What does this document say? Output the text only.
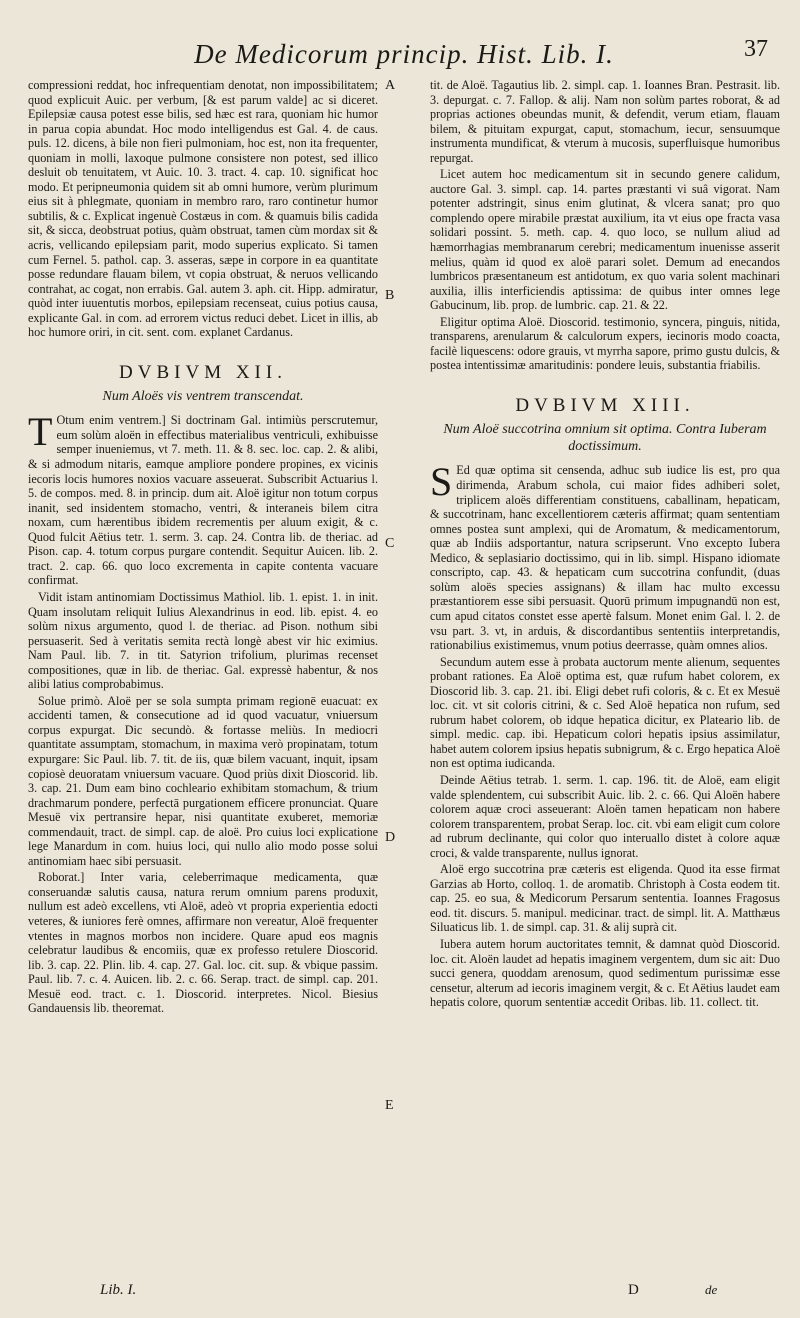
De Medicorum princip. Hist. Lib. I.	37
A
B
C
D
E

compressioni reddat, hoc infrequentiam denotat, non impossibilitatem; quod explicuit Auic. per verbum, [& est parum valde] ac si diceret. Epilepsiæ causa potest esse bilis, sed hæc est rara, quoniam hic humor in parua copia abundat. Hoc modo intelligendus est Gal. 4. de caus. puls. 12. dicens, à bile non fieri pulmoniam, hoc est, non ita frequenter, quoniam in molli, laxoque pulmone consistere non potest, sed illico desluit ob tenuitatem, vt Auic. 10. 3. tract. 4. cap. 10. significat hoc modo. Et peripneumonia quidem sit ab omni humore, verùm plurimum eius sit à phlegmate, quoniam in membro raro, raro continetur humor subtilis, & c. Explicat ingenuè Costæus in com. & quamuis bilis cadida sit, & sicca, deobstruat potius, quàm obstruat, tamen cùm mordax sit & acris, vellicando epilepsiam parit, modo superius explicato. Si tamen cum Fernel. 5. pathol. cap. 3. asseras, sæpe in corpore in ea quantitate posse redundare flauam bilem, vt copia obstruat, & neruos vellicando contrahat, ac cogat, non errabis. Gal. autem 3. aph. cit. Hipp. admiratur, quòd inter iuuentutis morbos, epilepsiam recenseat, cuius potius causa, explicante Gal. in com. ad errorem victus reduci debet. Licet in illis, ab hoc humore oriri, in cit. sent. com. explanet Cardanus.

DVBIVM XII.
Num Aloës vis ventrem transcendat.

T Otum enim ventrem.] Si doctrinam Gal. intimiùs perscrutemur, eum solùm aloën in effectibus materialibus ventriculi, exhibuisse semper inueniemus, vt 7. meth. 11. & 8. sec. loc. cap. 2. & alibi, & si admodum nitaris, eamque ampliore pondere propines, ex vicinis iecoris locis humores noxios vacuare asseuerat. Subscribit Actuarius l. 5. de compos. med. 8. in princip. dum ait. Aloë igitur non totum corpus inanit, sed insidentem stomacho, ventri, & interaneis bilem citra noxam, cum hærentibus ibidem recrementis per aluum exigit, & c. Quod fulcit Aëtius tetr. 1. serm. 3. cap. 24. Contra lib. de theriac. ad Pison. cap. 4. totum corpus purgare contendit. Sequitur Auicen. lib. 2. tract. 2. cap. 66. quo loco excrementa in capite contenta vacuare confirmat.

Vidit istam antinomiam Doctissimus Mathiol. lib. 1. epist. 1. in init. Quam insolutam reliquit Iulius Alexandrinus in eod. lib. epist. 4. eo solùm nixus argumento, quod l. de theriac. ad Pison. nothum sibi persuaserit. Sed à veritatis semita rectà longè abest vir hic eximius. Nam Paul. lib. 7. in tit. Satyrion trifolium, plurimas recenset compositiones, quæ in lib. de theriac. Gal. expressè habentur, & nos alibi latius comprobabimus.

Solue primò. Aloë per se sola sumpta primam regionē euacuat: ex accidenti tamen, & consecutione ad id quod vacuatur, vniuersum corpus expurgat. Dic secundò. & fortasse meliùs. In mediocri quantitate assumptam, stomachum, in maxima verò propinatam, totum expurgare: Sic Paul. lib. 7. tit. de iis, quæ bilem vacuant, inquit, ipsam copiosè deuoratam vniuersum vacuare. Quod priùs dixit Dioscorid. lib. 3. cap. 21. Dum eam bino cochleario exhibitam stomachum, & trium drachmarum pondere, perfectā purgationem efficere pronunciat. Quare Mesuë vix pertransire hepar, nisi quantitate exuberet, memoriæ commendauit, tract. de simpl. cap. de aloë. Pro cuius loci explicatione lege Manardum in com. huius loci, qui nullo alio modo posse solui antinomiam haec sibi persuasit.

Roborat.] Inter varia, celeberrimaque medicamenta, quæ conseruandæ salutis causa, natura rerum omnium parens produxit, nullum est adeò excellens, vti Aloë, adeò vt propria experientia edocti veteres, & iuniores ferè omnes, affirmare non vereatur, Aloë frequenter vtentes in magnos morbos non incidere. Quare apud eos magnis celebratur laudibus & encomiis, quæ ex professo retulere Dioscorid. lib. 3. cap. 22. Plin. lib. 4. cap. 27. Gal. loc. cit. sup. & vbique passim. Paul. lib. 7. c. 4. Auicen. lib. 2. c. 66. Serap. tract. de simpl. cap. 201. Mesuë eod. tract. c. 1. Dioscorid. interpretes. Nicol. Biesius Gandauensis lib. theoremat.

tit. de Aloë. Tagautius lib. 2. simpl. cap. 1. Ioannes Bran. Pestrasit. lib. 3. depurgat. c. 7. Fallop. & alij. Nam non solùm partes roborat, & ad proprias actiones obeundas munit, & defendit, verum etiam, flauam bilem, & pituitam expurgat, caput, stomachum, iecur, sensuumque instrumenta mundificat, & vterum à mucosis, superfluisque humoribus repurgat.

Licet autem hoc medicamentum sit in secundo genere calidum, auctore Gal. 3. simpl. cap. 14. partes præstanti vi suâ vigorat. Nam potenter adstringit, sinus enim glutinat, & vlcera sanat; pro quo complendo opere mirabile præstat auxilium, ita vt eius ope fracta vasa solidari possint. 5. meth. cap. 4. quo loco, se nullum aliud ad hæmorrhagias membranarum cerebri; medicamentum inuenisse asserit melius, quàm id quod ex aloë parari solet. Demum ad enecandos lumbricos præsentaneum est antidotum, ex quo varia solent machinari auxilia, illis interficiendis aptissima: de quibus inter omnes lege Gabucinum, lib. prop. de lumbric. cap. 21. & 22.

Eligitur optima Aloë. Dioscorid. testimonio, syncera, pinguis, nitida, transparens, arenularum & calculorum expers, iecinoris modo coacta, facilè liquescens: odore grauis, vt myrrha sapore, primo gustu dulcis, & postea intentissimæ amaritudinis: pondere leuis, substantia friabilis.

DVBIVM XIII.
Num Aloë succotrina omnium sit optima. Contra Iuberam doctissimum.

S Ed quæ optima sit censenda, adhuc sub iudice lis est, pro qua dirimenda, Arabum schola, cui maior fides adhiberi solet, triplicem aloës differentiam constituens, caballinam, hepaticam, & succotrinam, hanc excellentiorem cæteris affirmat; quam sententiam omnes postea sunt amplexi, qui de Aromatum, & medicamentorum, quæ ab Indiis adsportantur, natura scripserunt. Vno excepto Iubera Medico, & seplasiario doctissimo, qui in lib. simpl. Hispano idiomate conscripto, cap. 43. & hepaticam cum succotrina confundit, (duas solùm aloës species assignans) & illam hac multo excessu præstantiorem esse sibi persuasit. Quorū primum impugnandū non est, cum apud citatos constet esse apertè falsum. Monet enim Gal. l. 2. de vsu part. 3. vt, in arduis, & discordantibus sententiis interpretandis, rationabilius existimemus, vnum potius deerrasse, quàm omnes alios.

Secundum autem esse à probata auctorum mente alienum, sequentes probant rationes. Ea Aloë optima est, quæ rufum habet colorem, ex Dioscorid lib. 3. cap. 21. ibi. Eligi debet rufi coloris, & c. Et ex Mesuë loc. cit. vt sit coloris citrini, & c. Sed Aloë hepatica non rufum, sed rubrum habet colorem, ob idque hepatica dicitur, ex Plateario lib. de simpl. medic. cap. ibi. Hepaticum colori hepatis ipsius assimilatur, habet autem colorem ipsius hepatis subnigrum, & c. Ergo hepatica Aloë non est optima iudicanda.

Deinde Aëtius tetrab. 1. serm. 1. cap. 196. tit. de Aloë, eam eligit valde splendentem, cui subscribit Auic. lib. 2. c. 66. Qui Aloën habere colorem aquæ croci asseuerant: Aloën tamen hepaticam non habere colorem transparentem, probat Serap. loc. cit. vbi eam eligit cum colore ad rubrum declinante, qui color quo interuallo distet à colore aquæ croci, & valde transparente, nullus ignorat.

Aloë ergo succotrina præ cæteris est eligenda. Quod ita esse firmat Garzias ab Horto, colloq. 1. de aromatib. Christoph à Costa eodem tit. cap. 25. eo sua, & Medicorum Persarum sententia. Ioannes Fragosus eod. tit. discurs. 5. manipul. medicinar. tract. de simpl. lit. A. Matthæus Siluaticus lib. 1. de simpl. cap. 31. & alij suprà cit.

Iubera autem horum auctoritates temnit, & damnat quòd Dioscorid. loc. cit. Aloën laudet ad hepatis imaginem vergentem, dum sic ait: Duo succi genera, quoddam arenosum, quod sedimentum purissimæ esse censetur, alterum ad iecoris imaginem vergit, & c. Et Aëtius laudet eam hepatis colore, quorum sententiæ accedit Oribas. lib. 11. collect. tit.

Lib. I.	D	de
